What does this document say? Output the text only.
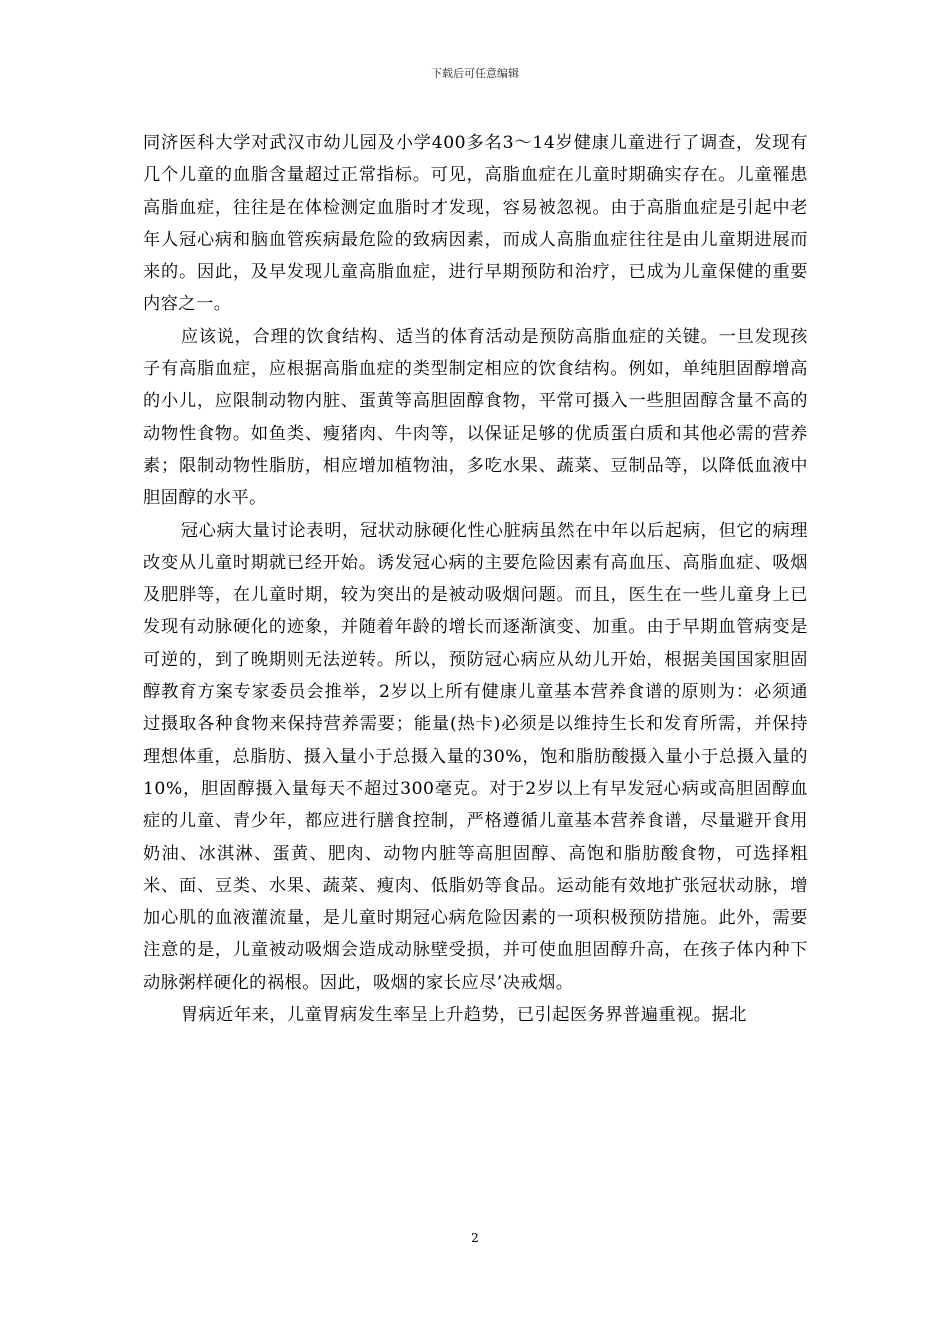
下载后可任意编辑

同济医科大学对武汉市幼儿园及小学400多名3～14岁健康儿童进行了调查，发现有几个儿童的血脂含量超过正常指标。可见，高脂血症在儿童时期确实存在。儿童罹患高脂血症，往往是在体检测定血脂时才发现，容易被忽视。由于高脂血症是引起中老年人冠心病和脑血管疾病最危险的致病因素，而成人高脂血症往往是由儿童期进展而来的。因此，及早发现儿童高脂血症，进行早期预防和治疗，已成为儿童保健的重要内容之一。

应该说，合理的饮食结构、适当的体育活动是预防高脂血症的关键。一旦发现孩子有高脂血症，应根据高脂血症的类型制定相应的饮食结构。例如，单纯胆固醇增高的小儿，应限制动物内脏、蛋黄等高胆固醇食物，平常可摄入一些胆固醇含量不高的动物性食物。如鱼类、瘦猪肉、牛肉等，以保证足够的优质蛋白质和其他必需的营养素；限制动物性脂肪，相应增加植物油，多吃水果、蔬菜、豆制品等，以降低血液中胆固醇的水平。

冠心病大量讨论表明，冠状动脉硬化性心脏病虽然在中年以后起病，但它的病理改变从儿童时期就已经开始。诱发冠心病的主要危险因素有高血压、高脂血症、吸烟及肥胖等，在儿童时期，较为突出的是被动吸烟问题。而且，医生在一些儿童身上已发现有动脉硬化的迹象，并随着年龄的增长而逐渐演变、加重。由于早期血管病变是可逆的，到了晚期则无法逆转。所以，预防冠心病应从幼儿开始，根据美国国家胆固醇教育方案专家委员会推举，2岁以上所有健康儿童基本营养食谱的原则为：必须通过摄取各种食物来保持营养需要；能量(热卡)必须是以维持生长和发育所需，并保持理想体重，总脂肪、摄入量小于总摄入量的30%，饱和脂肪酸摄入量小于总摄入量的10%，胆固醇摄入量每天不超过300毫克。对于2岁以上有早发冠心病或高胆固醇血症的儿童、青少年，都应进行膳食控制，严格遵循儿童基本营养食谱，尽量避开食用奶油、冰淇淋、蛋黄、肥肉、动物内脏等高胆固醇、高饱和脂肪酸食物，可选择粗米、面、豆类、水果、蔬菜、瘦肉、低脂奶等食品。运动能有效地扩张冠状动脉，增加心肌的血液灌流量，是儿童时期冠心病危险因素的一项积极预防措施。此外，需要注意的是，儿童被动吸烟会造成动脉壁受损，并可使血胆固醇升高，在孩子体内种下动脉粥样硬化的祸根。因此，吸烟的家长应尽’决戒烟。

胃病近年来，儿童胃病发生率呈上升趋势，已引起医务界普遍重视。据北

2
